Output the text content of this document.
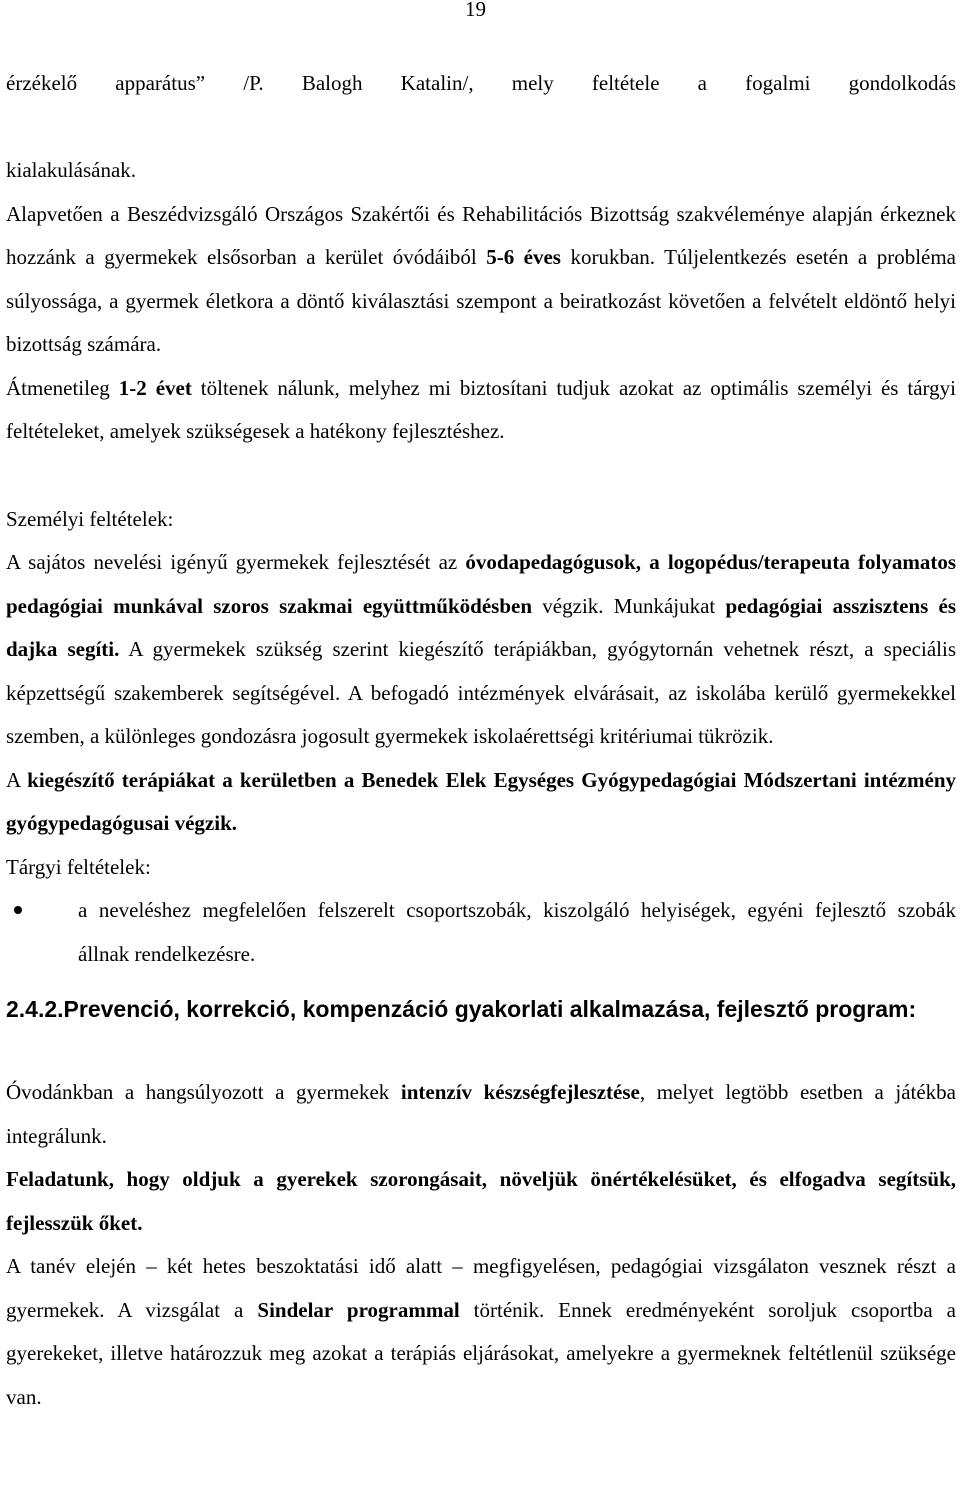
19

érzékelő apparátus” /P. Balogh Katalin/, mely feltétele a fogalmi gondolkodás

kialakulásának.

Alapvetően a Beszédvizsgáló Országos Szakértői és Rehabilitációs Bizottság szakvéleménye alapján érkeznek hozzánk a gyermekek elsősorban a kerület óvódáiból 5-6 éves korukban. Túljelentkezés esetén a probléma súlyossága, a gyermek életkora a döntő kiválasztási szempont a beiratkozást követően a felvételt eldöntő helyi bizottság számára.

Átmenetileg 1-2 évet töltenek nálunk, melyhez mi biztosítani tudjuk azokat az optimális személyi és tárgyi feltételeket, amelyek szükségesek a hatékony fejlesztéshez.

Személyi feltételek:

A sajátos nevelési igényű gyermekek fejlesztését az óvodapedagógusok, a logopédus/terapeuta folyamatos pedagógiai munkával szoros szakmai együttműködésben végzik. Munkájukat pedagógiai asszisztens és dajka segíti. A gyermekek szükség szerint kiegészítő terápiákban, gyógytornán vehetnek részt, a speciális képzettségű szakemberek segítségével. A befogadó intézmények elvárásait, az iskolába kerülő gyermekekkel szemben, a különleges gondozásra jogosult gyermekek iskolaérettségi kritériumai tükrözik.

A kiegészítő terápiákat a kerületben a Benedek Elek Egységes Gyógypedagógiai Módszertani intézmény gyógypedagógusai végzik.

Tárgyi feltételek:

a neveléshez megfelelően felszerelt csoportszobák, kiszolgáló helyiségek, egyéni fejlesztő szobák állnak rendelkezésre.

2.4.2.Prevenció, korrekció, kompenzáció gyakorlati alkalmazása, fejlesztő program:

Óvodánkban a hangsúlyozott a gyermekek intenzív készségfejlesztése, melyet legtöbb esetben a játékba integrálunk.

Feladatunk, hogy oldjuk a gyerekek szorongásait, növeljük önértékelésüket, és elfogadva segítsük, fejlesszük őket.

A tanév elején – két hetes beszoktatási idő alatt – megfigyelésen, pedagógiai vizsgálaton vesznek részt a gyermekek. A vizsgálat a Sindelar programmal történik. Ennek eredményeként soroljuk csoportba a gyerekeket, illetve határozzuk meg azokat a terápiás eljárásokat, amelyekre a gyermeknek feltétlenül szüksége van.
